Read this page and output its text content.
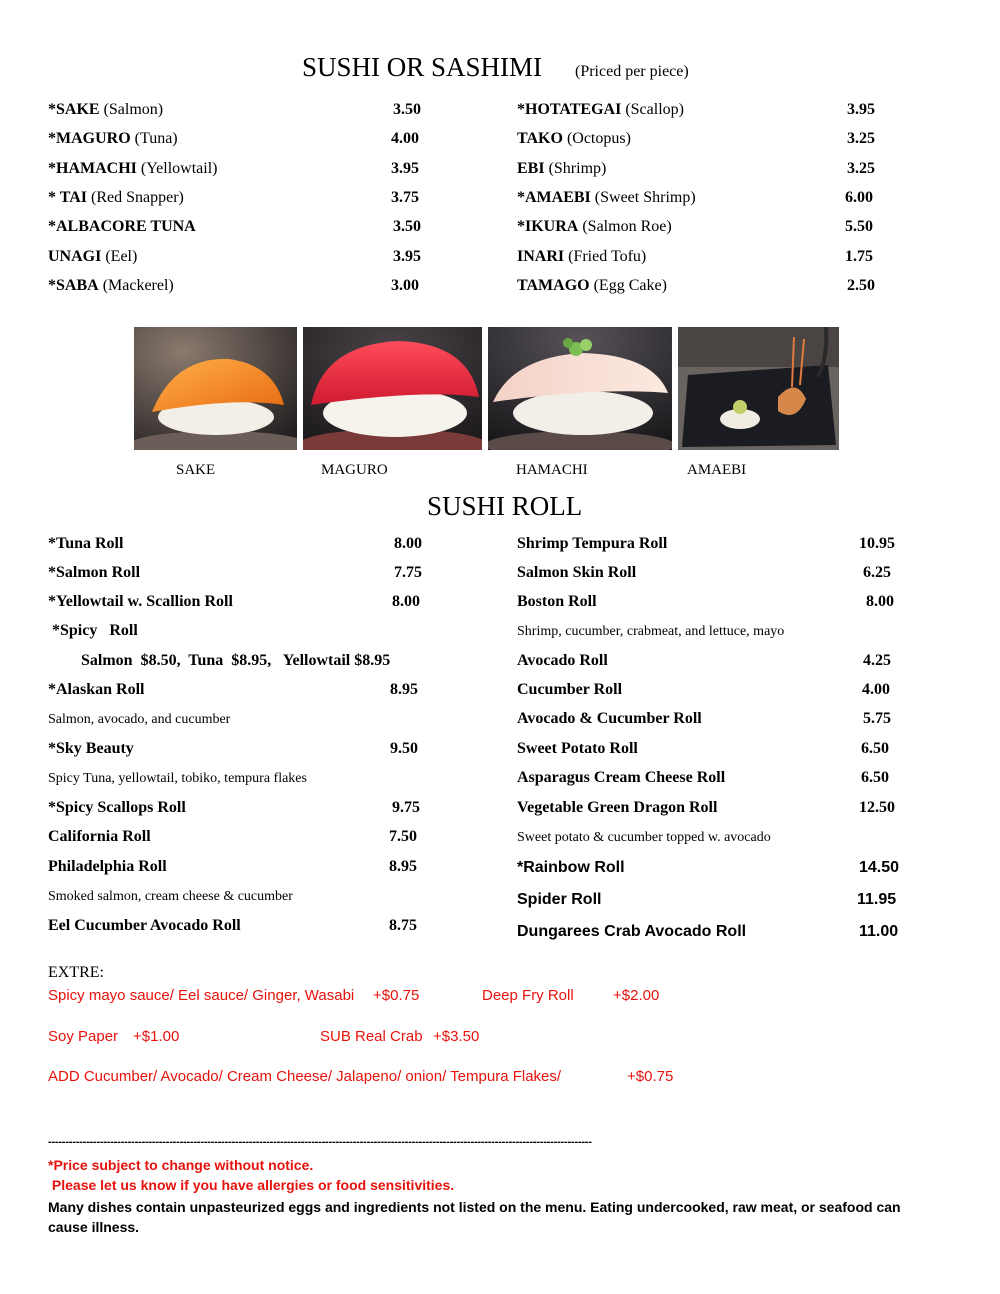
SUSHI OR SASHIMI (Priced per piece)
*SAKE (Salmon)	3.50
*MAGURO (Tuna)	4.00
*HAMACHI (Yellowtail)	3.95
* TAI (Red Snapper)	3.75
*ALBACORE TUNA	3.50
UNAGI (Eel)	3.95
*SABA (Mackerel)	3.00
*HOTATEGAI (Scallop)	3.95
TAKO (Octopus)	3.25
EBI (Shrimp)	3.25
*AMAEBI (Sweet Shrimp)	6.00
*IKURA (Salmon Roe)	5.50
INARI (Fried Tofu)	1.75
TAMAGO (Egg Cake)	2.50
SAKE	MAGURO	HAMACHI	AMAEBI
SUSHI ROLL
*Tuna Roll	8.00
*Salmon Roll	7.75
*Yellowtail w. Scallion Roll	8.00
*Spicy   Roll
Salmon  $8.50,  Tuna  $8.95,   Yellowtail $8.95
*Alaskan Roll	8.95
Salmon, avocado, and cucumber
*Sky Beauty	9.50
Spicy Tuna, yellowtail, tobiko, tempura flakes
*Spicy Scallops Roll	9.75
California Roll	7.50
Philadelphia Roll	8.95
Smoked salmon, cream cheese & cucumber
Eel Cucumber Avocado Roll	8.75
Shrimp Tempura Roll	10.95
Salmon Skin Roll	6.25
Boston Roll	8.00
Shrimp, cucumber, crabmeat, and lettuce, mayo
Avocado Roll	4.25
Cucumber Roll	4.00
Avocado & Cucumber Roll	5.75
Sweet Potato Roll	6.50
Asparagus Cream Cheese Roll	6.50
Vegetable Green Dragon Roll	12.50
Sweet potato & cucumber topped w. avocado
*Rainbow Roll	14.50
Spider Roll	11.95
Dungarees Crab Avocado Roll	11.00
EXTRE:
Spicy mayo sauce/ Eel sauce/ Ginger, Wasabi +$0.75	Deep Fry Roll	+$2.00
Soy Paper +$1.00	SUB Real Crab +$3.50
ADD Cucumber/ Avocado/ Cream Cheese/ Jalapeno/ onion/ Tempura Flakes/	+$0.75
-------------------------------------------------------------------------------------------------------------------------------------------------------------
*Price subject to change without notice.
Please let us know if you have allergies or food sensitivities.
Many dishes contain unpasteurized eggs and ingredients not listed on the menu. Eating undercooked, raw meat, or seafood can cause illness.
